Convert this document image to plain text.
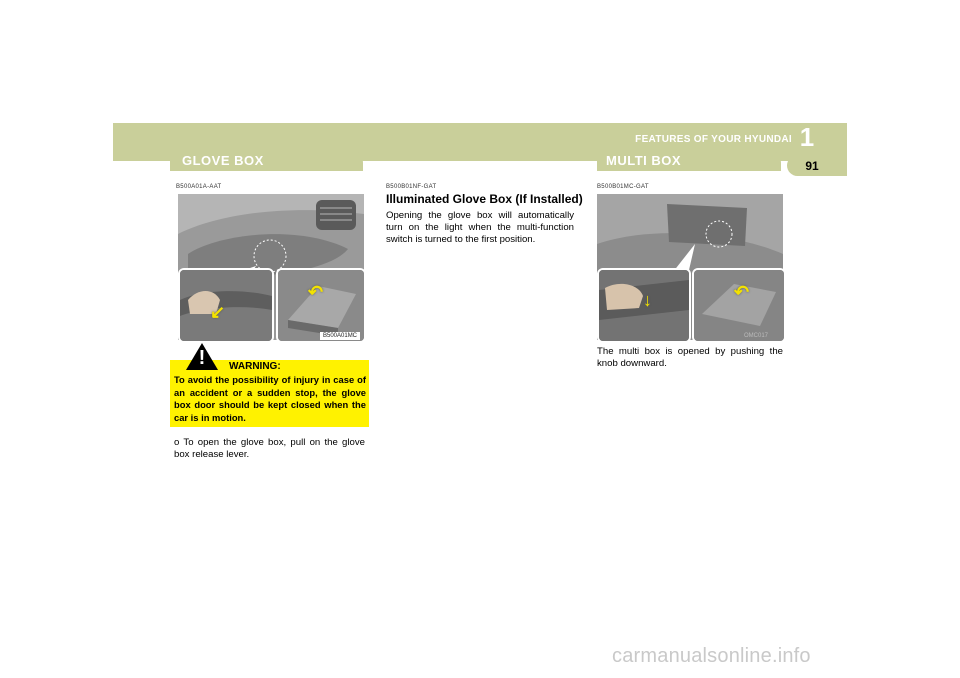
FEATURES OF YOUR HYUNDAI 1
91
GLOVE BOX
B500A01A-AAT
↙
↶
B500A01MC
!	WARNING:
To avoid the possibility of injury in case of an accident or a sudden stop, the glove box door should be kept closed when the car is in motion.
o To open the glove box, pull on the glove box release lever.
B500B01NF-GAT
Illuminated Glove Box (If Installed)
Opening the glove box will automatically turn on the light when the multi-function switch is turned to the first position.
MULTI BOX
B500B01MC-GAT
↓	↶
OMC017
The multi box is opened by pushing the knob downward.
carmanualsonline.info
